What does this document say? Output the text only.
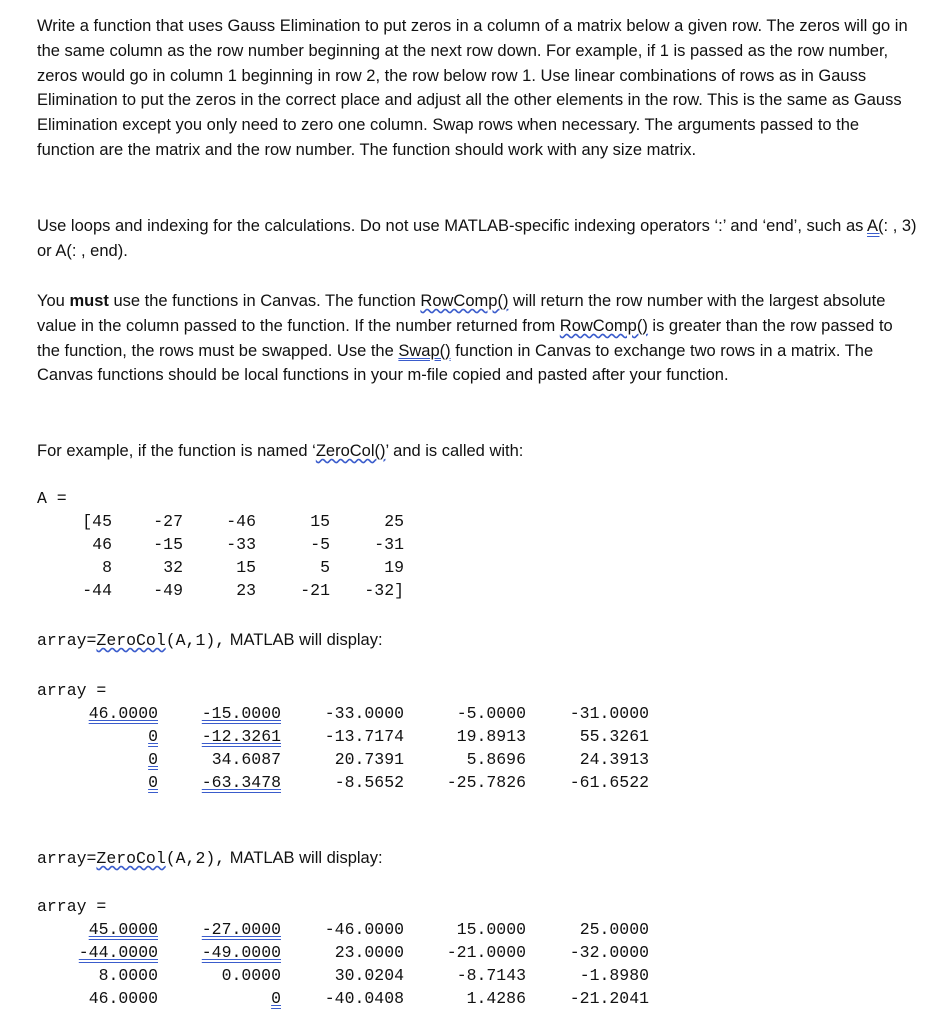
Write a function that uses Gauss Elimination to put zeros in a column of a matrix below a given row. The zeros will go in the same column as the row number beginning at the next row down. For example, if 1 is passed as the row number, zeros would go in column 1 beginning in row 2, the row below row 1. Use linear combinations of rows as in Gauss Elimination to put the zeros in the correct place and adjust all the other elements in the row. This is the same as Gauss Elimination except you only need to zero one column. Swap rows when necessary. The arguments passed to the function are the matrix and the row number. The function should work with any size matrix.

Use loops and indexing for the calculations. Do not use MATLAB-specific indexing operators ‘:’ and ‘end’, such as A(: , 3) or A(: , end).

You must use the functions in Canvas. The function RowComp() will return the row number with the largest absolute value in the column passed to the function. If the number returned from RowComp() is greater than the row passed to the function, the rows must be swapped. Use the Swap() function in Canvas to exchange two rows in a matrix. The Canvas functions should be local functions in your m-file copied and pasted after your function.

For example, if the function is named ‘ZeroCol()’ and is called with:

A =
[45	-27	-46	15	25
46	-15	-33	-5	-31
8	32	15	5	19
-44	-49	23	-21	-32]
array=ZeroCol(A,1), MATLAB will display:
array =
46.0000	-15.0000	-33.0000	-5.0000	-31.0000
0	-12.3261	-13.7174	19.8913	55.3261
0	34.6087	20.7391	5.8696	24.3913
0	-63.3478	-8.5652	-25.7826	-61.6522
array=ZeroCol(A,2), MATLAB will display:
array =
45.0000	-27.0000	-46.0000	15.0000	25.0000
-44.0000	-49.0000	23.0000	-21.0000	-32.0000
8.0000	0.0000	30.0204	-8.7143	-1.8980
46.0000	0	-40.0408	1.4286	-21.2041
